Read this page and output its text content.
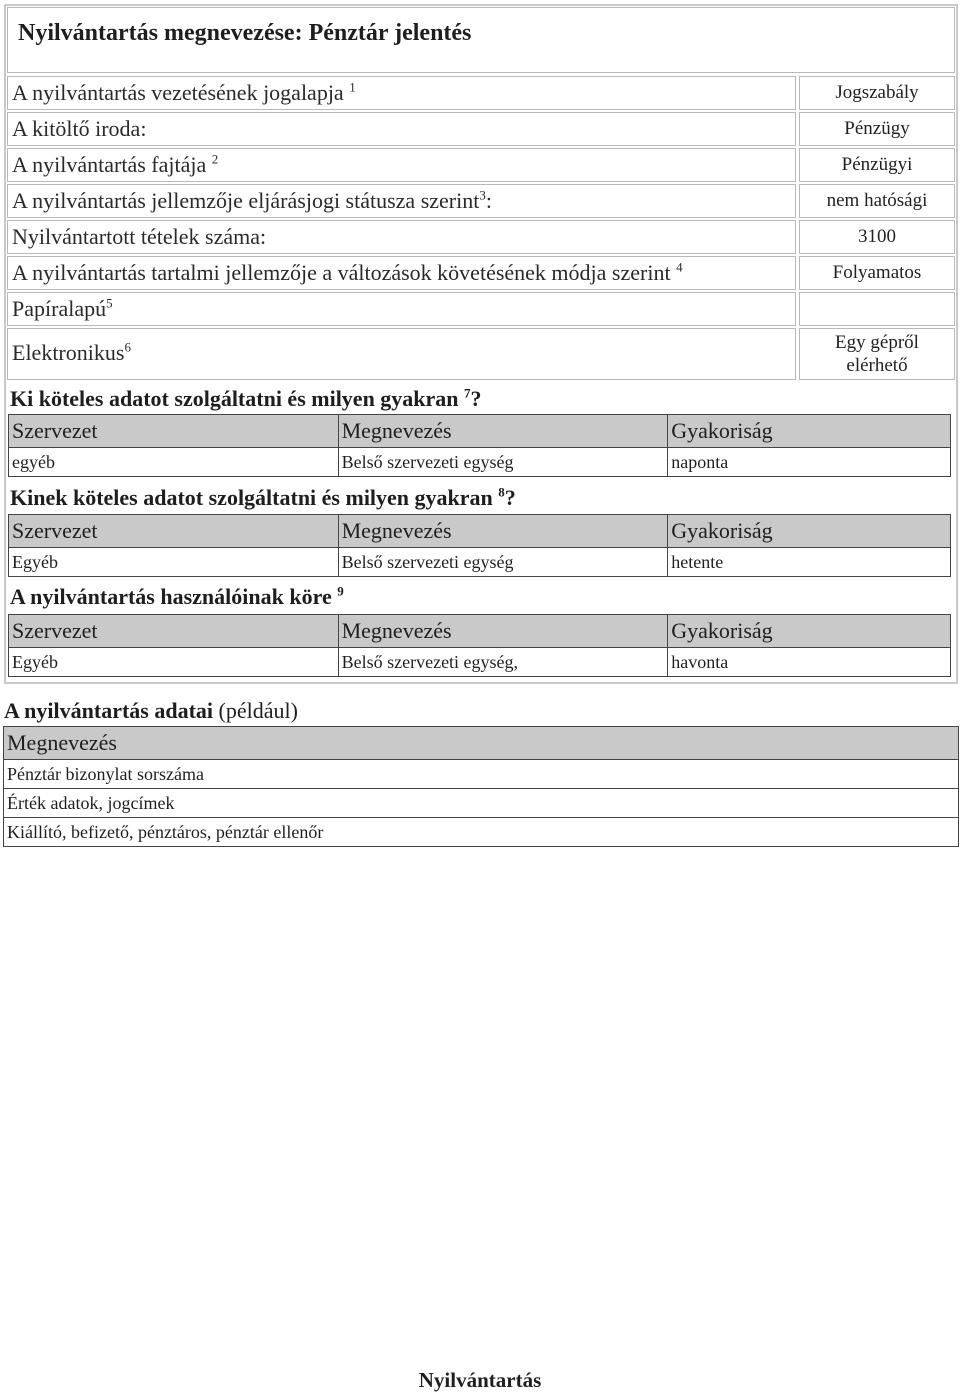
Nyilvántartás megnevezése: Pénztár jelentés
A nyilvántartás vezetésének jogalapja $^1$	Jogszabály
A kitöltő iroda:	Pénzügy
A nyilvántartás fajtája $^2$	Pénzügyi
A nyilvántartás jellemzője eljárásjogi státusza szerint$^3$:	nem hatósági
Nyilvántartott tételek száma:	3100
A nyilvántartás tartalmi jellemzője a változások követésének módja szerint $^4$	Folyamatos
Papíralapú$^5$
Elektronikus$^6$	Egy gépről elérhető
Ki köteles adatot szolgáltatni és milyen gyakran $^7$?
Szervezet	Megnevezés	Gyakoriság
egyéb	Belső szervezeti egység	naponta
Kinek köteles adatot szolgáltatni és milyen gyakran $^8$?
Szervezet	Megnevezés	Gyakoriság
Egyéb	Belső szervezeti egység	hetente
A nyilvántartás használóinak köre $^9$
Szervezet	Megnevezés	Gyakoriság
Egyéb	Belső szervezeti egység,	havonta
A nyilvántartás adatai (például)
Megnevezés
Pénztár bizonylat sorszáma
Érték adatok, jogcímek
Kiállító, befizető, pénztáros, pénztár ellenőr
Nyilvántartás
